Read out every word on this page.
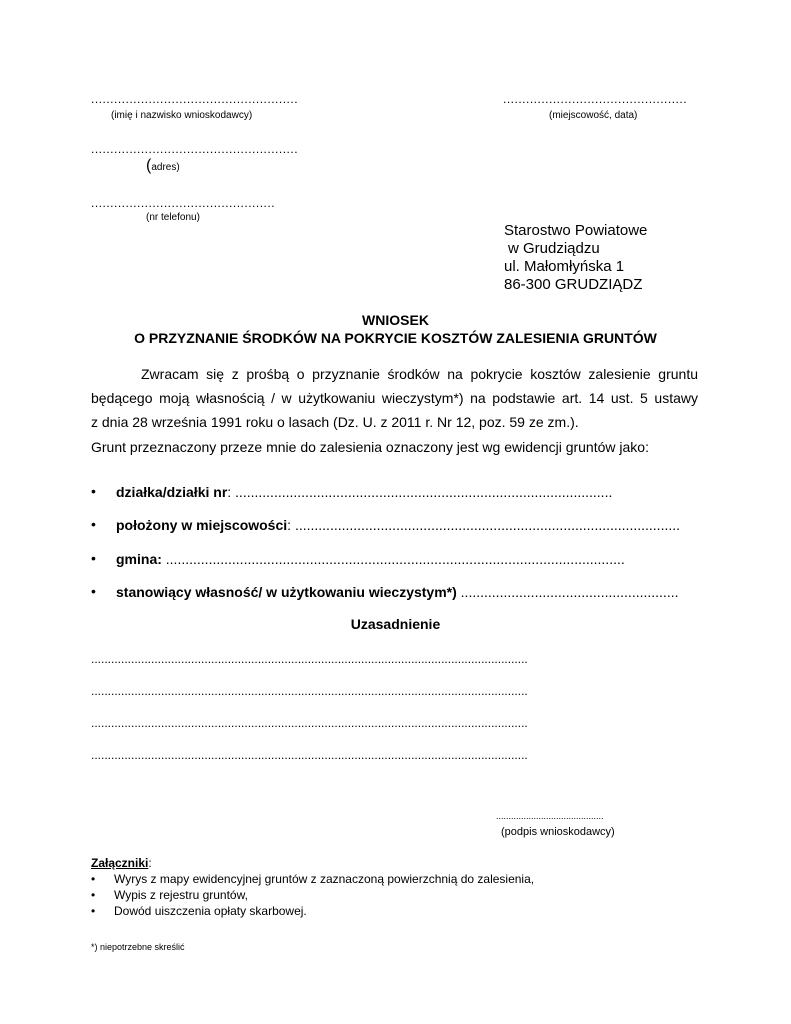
......................................................
(imię i nazwisko wnioskodawcy)
................................................
(miejscowość, data)
......................................................
(adres)
................................................
(nr telefonu)
Starostwo Powiatowe
w Grudziądzu
ul. Małomłyńska 1
86-300 GRUDZIĄDZ
WNIOSEK
O PRZYZNANIE ŚRODKÓW NA POKRYCIE KOSZTÓW ZALESIENIA GRUNTÓW
Zwracam się z prośbą o przyznanie środków na pokrycie kosztów zalesienie gruntu
będącego moją własnością / w użytkowaniu wieczystym*) na podstawie art. 14 ust. 5 ustawy
z dnia 28 września 1991 roku o lasach (Dz. U. z 2011 r. Nr 12, poz. 59 ze zm.).
Grunt przeznaczony przeze mnie do zalesienia oznaczony jest wg ewidencji gruntów jako:
• działka/działki nr: .................................................................................................
• położony w miejscowości: ...................................................................................................
• gmina: ......................................................................................................................
• stanowiący własność/ w użytkowaniu wieczystym*) ........................................................
Uzasadnienie
...................................................................................................................................
...................................................................................................................................
...................................................................................................................................
...................................................................................................................................
...........................................
(podpis wnioskodawcy)
Załączniki:
• Wyrys z mapy ewidencyjnej gruntów z zaznaczoną powierzchnią do zalesienia,
• Wypis z rejestru gruntów,
• Dowód uiszczenia opłaty skarbowej.
*) niepotrzebne skreślić
